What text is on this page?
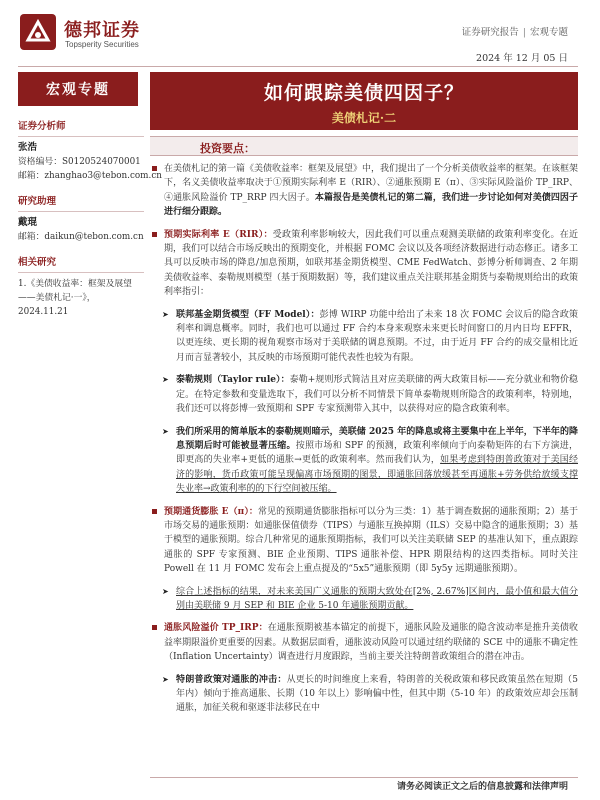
德邦证券
Topsperity Securities
证券研究报告 | 宏观专题
2024 年 12 月 05 日
宏观专题	如何跟踪美债四因子？
美债札记·二
证券分析师
张浩
资格编号：S0120524070001
邮箱：zhanghao3@tebon.com.cn
研究助理
戴琨
邮箱：daikun@tebon.com.cn
相关研究
1.《美债收益率：框架及展望——美债札记·一》，2024.11.21
投资要点：

在美债札记的第一篇《美债收益率：框架及展望》中，我们提出了一个分析美债收益率的框架。在该框架下，名义美债收益率取决于①预期实际利率 E（RIR）、②通胀预期 E（π）、③实际风险溢价 TP_IRP、④通胀风险溢价 TP_RRP 四大因子。本篇报告是美债札记的第二篇，我们进一步讨论如何对美债四因子进行细分跟踪。

预期实际利率 E（RIR）：受政策利率影响较大，因此我们可以重点观测美联储的政策利率变化。在近期，我们可以结合市场反映出的预期变化，并根据 FOMC 会议以及各项经济数据进行动态修正。诸多工具可以反映市场的降息/加息预期，如联邦基金期货模型、CME FedWatch、彭博分析师调查、2 年期美债收益率、泰勒规则模型（基于预期数据）等，我们建议重点关注联邦基金期货与泰勒规则给出的政策利率指引：

➤ 联邦基金期货模型（FF Model）：彭博 WIRP 功能中给出了未来 18 次 FOMC 会议后的隐含政策利率和调息概率。同时，我们也可以通过 FF 合约本身来观察未来更长时间窗口的月内日均 EFFR，以更连续、更长期的视角观察市场对于美联储的调息预期。不过，由于近月 FF 合约的成交量相比近月而言显著较小，其反映的市场预期可能代表性也较为有限。

➤ 泰勒规则（Taylor rule）：泰勒+规则形式简洁且对应美联储的两大政策目标——充分就业和物价稳定。在特定参数和变量选取下，我们可以分析不同情景下简单泰勒规则所隐含的政策利率，特别地，我们还可以将彭博一致预期和 SPF 专家预测带入其中，以获得对应的隐含政策利率。

➤ 我们所采用的简单版本的泰勒规则暗示，美联储 2025 年的降息或将主要集中在上半年，下半年的降息预期后时可能被显著压缩。按照市场和 SPF 的预测，政策利率倾向于向泰勒矩阵的右下方演进，即更高的失业率+更低的通胀→更低的政策利率。然而我们认为，如果考虑到特朗普政策对于美国经济的影响，货币政策可能呈现偏离市场预期的图景，即通胀回落放缓甚至再通胀+劳务供给放缓支撑失业率→政策利率的的下行空间被压缩。

预期通货膨胀 E（π）：常见的预期通货膨胀指标可以分为三类：1）基于调查数据的通胀预期；2）基于市场交易的通胀预期：如通胀保值债券（TIPS）与通胀互换掉期（ILS）交易中隐含的通胀预期；3）基于模型的通胀预期。综合几种常见的通胀预期指标，我们可以关注美联储 SEP 的基准认知下，重点跟踪通胀的 SPF 专家预测、BIE 企业预期、TIPS 通胀补偿、HPR 期限结构的这四类指标。同时关注 Powell 在 11 月 FOMC 发布会上重点提及的“5x5”通胀预期（即 5y5y 远期通胀预期）。

➤ 综合上述指标的结果，对未来美国广义通胀的预期大致处在[2%, 2.67%]区间内，最小值和最大值分别由美联储 9 月 SEP 和 BIE 企业 5-10 年通胀预期贡献。

通胀风险溢价 TP_IRP：在通胀预期被基本锚定的前提下，通胀风险及通胀的隐含波动率是推升美债收益率期限溢价更重要的因素。从数据层面看，通胀波动风险可以通过纽约联储的 SCE 中的通胀不确定性（Inflation Uncertainty）调查进行月度跟踪，当前主要关注特朗普政策组合的潜在冲击。

➤ 特朗普政策对通胀的冲击：从更长的时间维度上来看，特朗普的关税政策和移民政策虽然在短期（5 年内）倾向于推高通胀、长期（10 年以上）影响偏中性，但其中期（5-10 年）的政策效应却会压制通胀，加征关税和驱逐非法移民在中

请务必阅读正文之后的信息披露和法律声明
